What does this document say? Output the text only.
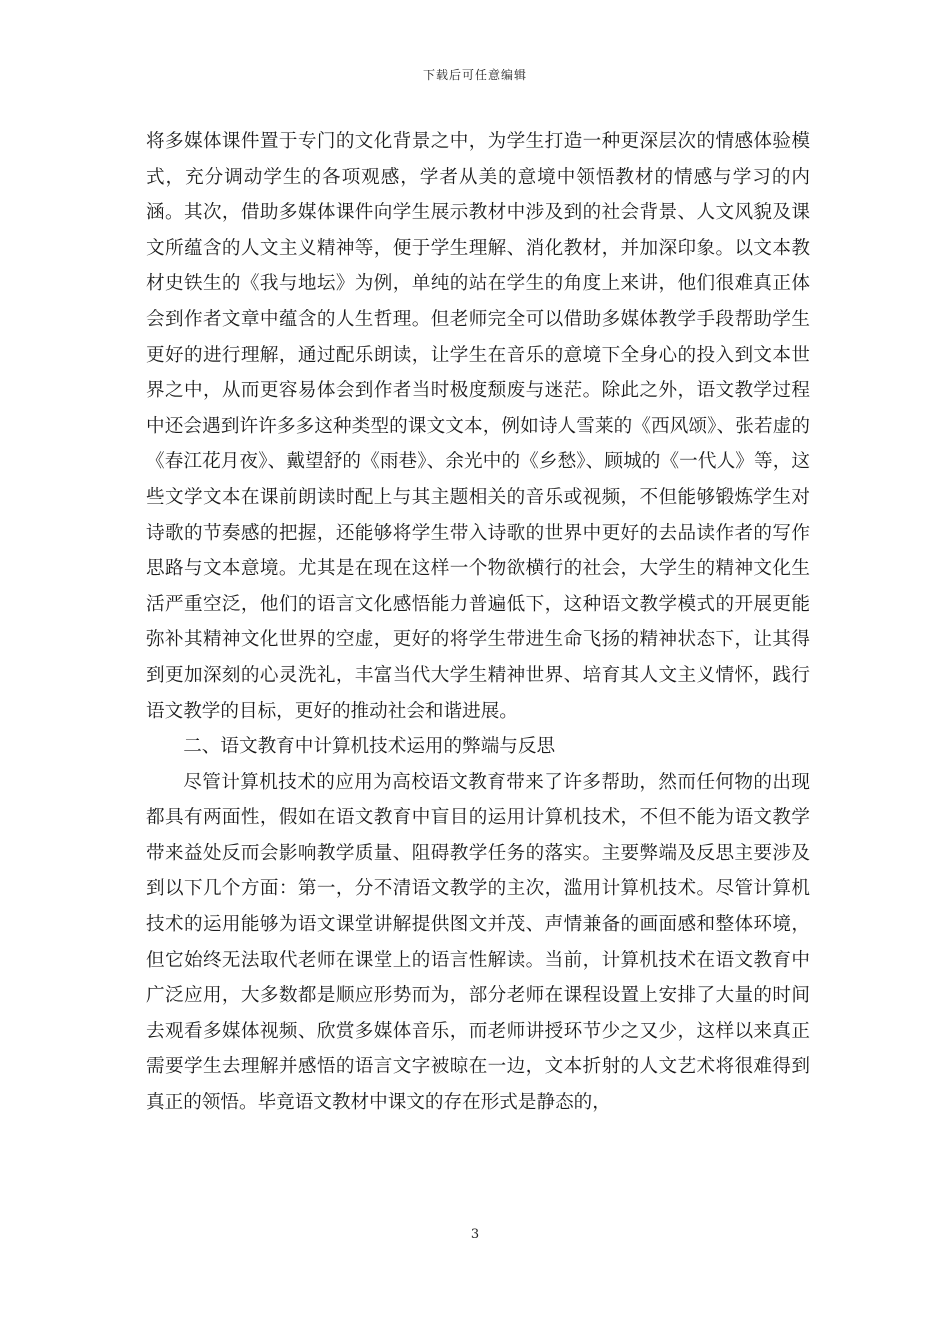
下载后可任意编辑

将多媒体课件置于专门的文化背景之中，为学生打造一种更深层次的情感体验模式，充分调动学生的各项观感，学者从美的意境中领悟教材的情感与学习的内涵。其次，借助多媒体课件向学生展示教材中涉及到的社会背景、人文风貌及课文所蕴含的人文主义精神等，便于学生理解、消化教材，并加深印象。以文本教材史铁生的《我与地坛》为例，单纯的站在学生的角度上来讲，他们很难真正体会到作者文章中蕴含的人生哲理。但老师完全可以借助多媒体教学手段帮助学生更好的进行理解，通过配乐朗读，让学生在音乐的意境下全身心的投入到文本世界之中，从而更容易体会到作者当时极度颓废与迷茫。除此之外，语文教学过程中还会遇到许许多多这种类型的课文文本，例如诗人雪莱的《西风颂》、张若虚的《春江花月夜》、戴望舒的《雨巷》、余光中的《乡愁》、顾城的《一代人》等，这些文学文本在课前朗读时配上与其主题相关的音乐或视频，不但能够锻炼学生对诗歌的节奏感的把握，还能够将学生带入诗歌的世界中更好的去品读作者的写作思路与文本意境。尤其是在现在这样一个物欲横行的社会，大学生的精神文化生活严重空泛，他们的语言文化感悟能力普遍低下，这种语文教学模式的开展更能弥补其精神文化世界的空虚，更好的将学生带进生命飞扬的精神状态下，让其得到更加深刻的心灵洗礼，丰富当代大学生精神世界、培育其人文主义情怀，践行语文教学的目标，更好的推动社会和谐进展。

二、语文教育中计算机技术运用的弊端与反思

尽管计算机技术的应用为高校语文教育带来了许多帮助，然而任何物的出现都具有两面性，假如在语文教育中盲目的运用计算机技术，不但不能为语文教学带来益处反而会影响教学质量、阻碍教学任务的落实。主要弊端及反思主要涉及到以下几个方面：第一，分不清语文教学的主次，滥用计算机技术。尽管计算机技术的运用能够为语文课堂讲解提供图文并茂、声情兼备的画面感和整体环境，但它始终无法取代老师在课堂上的语言性解读。当前，计算机技术在语文教育中广泛应用，大多数都是顺应形势而为，部分老师在课程设置上安排了大量的时间去观看多媒体视频、欣赏多媒体音乐，而老师讲授环节少之又少，这样以来真正需要学生去理解并感悟的语言文字被晾在一边，文本折射的人文艺术将很难得到真正的领悟。毕竟语文教材中课文的存在形式是静态的，

3
